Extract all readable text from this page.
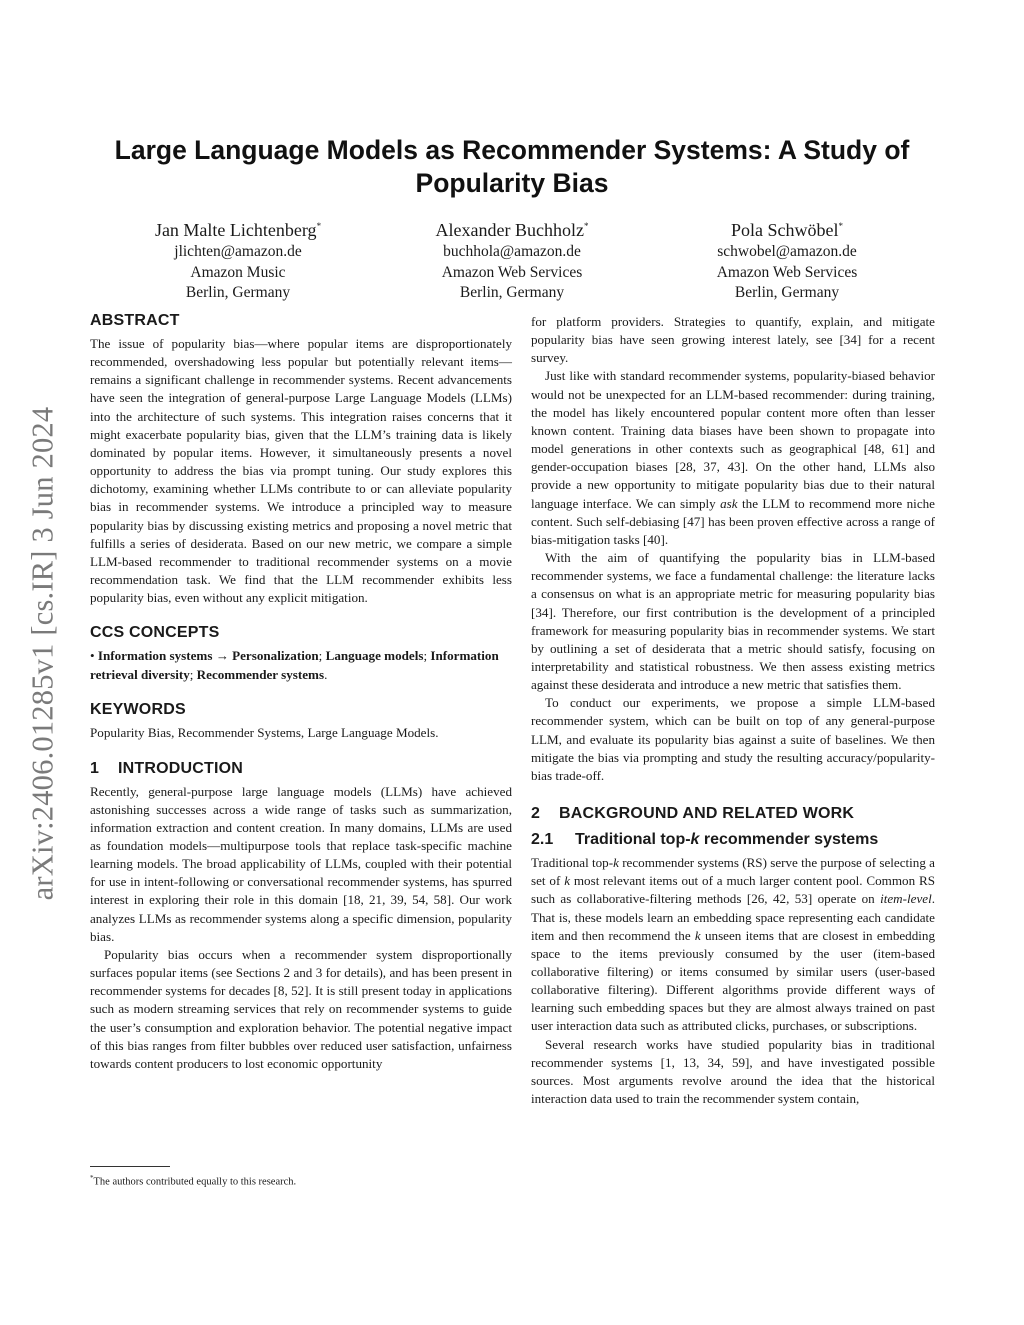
arXiv:2406.01285v1 [cs.IR] 3 Jun 2024
Large Language Models as Recommender Systems: A Study of Popularity Bias
Jan Malte Lichtenberg*
jlichten@amazon.de
Amazon Music
Berlin, Germany
Alexander Buchholz*
buchhola@amazon.de
Amazon Web Services
Berlin, Germany
Pola Schwöbel*
schwobel@amazon.de
Amazon Web Services
Berlin, Germany
ABSTRACT

The issue of popularity bias—where popular items are disproportionately recommended, overshadowing less popular but potentially relevant items—remains a significant challenge in recommender systems. Recent advancements have seen the integration of general-purpose Large Language Models (LLMs) into the architecture of such systems. This integration raises concerns that it might exacerbate popularity bias, given that the LLM’s training data is likely dominated by popular items. However, it simultaneously presents a novel opportunity to address the bias via prompt tuning. Our study explores this dichotomy, examining whether LLMs contribute to or can alleviate popularity bias in recommender systems. We introduce a principled way to measure popularity bias by discussing existing metrics and proposing a novel metric that fulfills a series of desiderata. Based on our new metric, we compare a simple LLM-based recommender to traditional recommender systems on a movie recommendation task. We find that the LLM recommender exhibits less popularity bias, even without any explicit mitigation.

CCS CONCEPTS

• Information systems → Personalization; Language models; Information retrieval diversity; Recommender systems.

KEYWORDS

Popularity Bias, Recommender Systems, Large Language Models.

1 INTRODUCTION

Recently, general-purpose large language models (LLMs) have achieved astonishing successes across a wide range of tasks such as summarization, information extraction and content creation. In many domains, LLMs are used as foundation models—multipurpose tools that replace task-specific machine learning models. The broad applicability of LLMs, coupled with their potential for use in intent-following or conversational recommender systems, has spurred interest in exploring their role in this domain [18, 21, 39, 54, 58]. Our work analyzes LLMs as recommender systems along a specific dimension, popularity bias.

Popularity bias occurs when a recommender system disproportionally surfaces popular items (see Sections 2 and 3 for details), and has been present in recommender systems for decades [8, 52]. It is still present today in applications such as modern streaming services that rely on recommender systems to guide the user’s consumption and exploration behavior. The potential negative impact of this bias ranges from filter bubbles over reduced user satisfaction, unfairness towards content producers to lost economic opportunity

for platform providers. Strategies to quantify, explain, and mitigate popularity bias have seen growing interest lately, see [34] for a recent survey.

Just like with standard recommender systems, popularity-biased behavior would not be unexpected for an LLM-based recommender: during training, the model has likely encountered popular content more often than lesser known content. Training data biases have been shown to propagate into model generations in other contexts such as geographical [48, 61] and gender-occupation biases [28, 37, 43]. On the other hand, LLMs also provide a new opportunity to mitigate popularity bias due to their natural language interface. We can simply ask the LLM to recommend more niche content. Such self-debiasing [47] has been proven effective across a range of bias-mitigation tasks [40].

With the aim of quantifying the popularity bias in LLM-based recommender systems, we face a fundamental challenge: the literature lacks a consensus on what is an appropriate metric for measuring popularity bias [34]. Therefore, our first contribution is the development of a principled framework for measuring popularity bias in recommender systems. We start by outlining a set of desiderata that a metric should satisfy, focusing on interpretability and statistical robustness. We then assess existing metrics against these desiderata and introduce a new metric that satisfies them.

To conduct our experiments, we propose a simple LLM-based recommender system, which can be built on top of any general-purpose LLM, and evaluate its popularity bias against a suite of baselines. We then mitigate the bias via prompting and study the resulting accuracy/popularity-bias trade-off.

2 BACKGROUND AND RELATED WORK
2.1 Traditional top-k recommender systems

Traditional top-k recommender systems (RS) serve the purpose of selecting a set of k most relevant items out of a much larger content pool. Common RS such as collaborative-filtering methods [26, 42, 53] operate on item-level. That is, these models learn an embedding space representing each candidate item and then recommend the k unseen items that are closest in embedding space to the items previously consumed by the user (item-based collaborative filtering) or items consumed by similar users (user-based collaborative filtering). Different algorithms provide different ways of learning such embedding spaces but they are almost always trained on past user interaction data such as attributed clicks, purchases, or subscriptions.

Several research works have studied popularity bias in traditional recommender systems [1, 13, 34, 59], and have investigated possible sources. Most arguments revolve around the idea that the historical interaction data used to train the recommender system contain,

*The authors contributed equally to this research.
